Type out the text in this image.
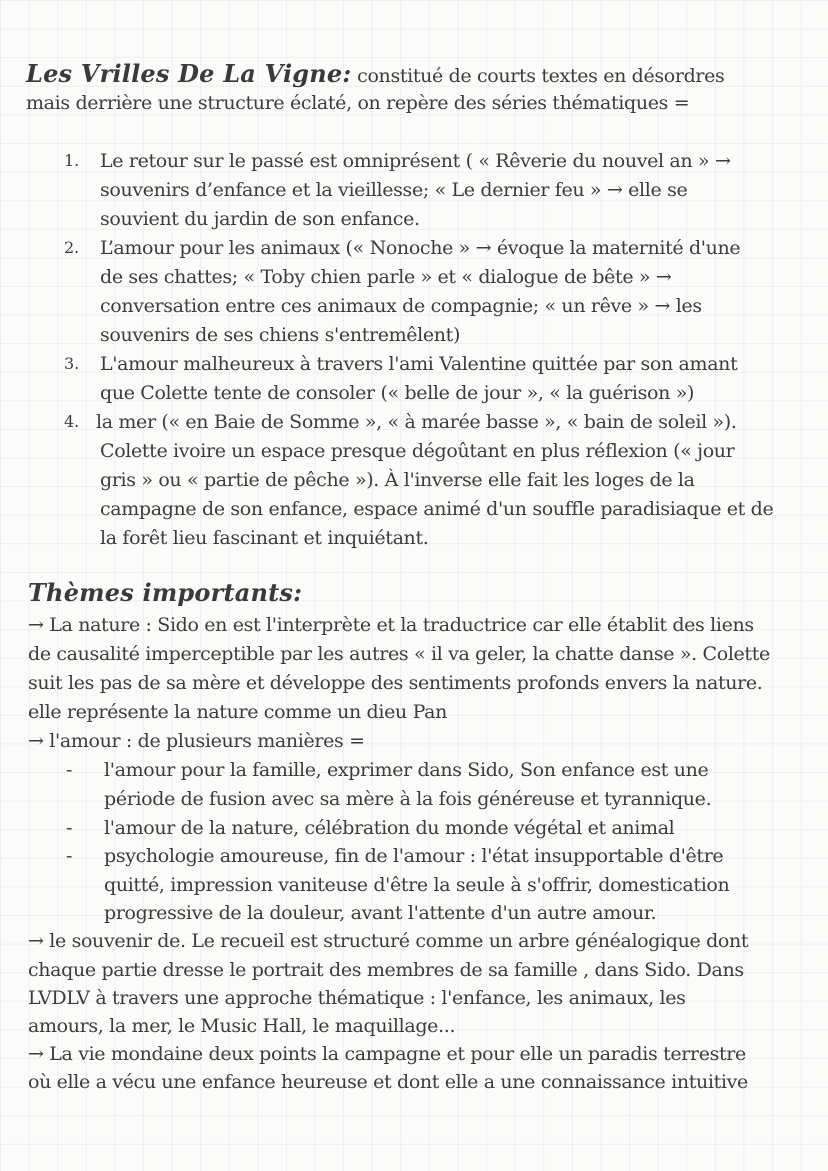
Les Vrilles De La Vigne: constitué de courts textes en désordres
mais derrière une structure éclaté, on repère des séries thématiques =
1. Le retour sur le passé est omniprésent ( « Rêverie du nouvel an » →
souvenirs d’enfance et la vieillesse; « Le dernier feu » → elle se
souvient du jardin de son enfance.
2. L’amour pour les animaux (« Nonoche » → évoque la maternité d'une
de ses chattes; « Toby chien parle » et « dialogue de bête » →
conversation entre ces animaux de compagnie; « un rêve » → les
souvenirs de ses chiens s'entremêlent)
3. L'amour malheureux à travers l'ami Valentine quittée par son amant
que Colette tente de consoler (« belle de jour », « la guérison »)
4. la mer (« en Baie de Somme », « à marée basse », « bain de soleil »).
Colette ivoire un espace presque dégoûtant en plus réflexion (« jour
gris » ou « partie de pêche »). À l'inverse elle fait les loges de la
campagne de son enfance, espace animé d'un souffle paradisiaque et de
la forêt lieu fascinant et inquiétant.
Thèmes importants:
→ La nature : Sido en est l'interprète et la traductrice car elle établit des liens
de causalité imperceptible par les autres « il va geler, la chatte danse ». Colette
suit les pas de sa mère et développe des sentiments profonds envers la nature.
elle représente la nature comme un dieu Pan
→ l'amour : de plusieurs manières =
- l'amour pour la famille, exprimer dans Sido, Son enfance est une
période de fusion avec sa mère à la fois généreuse et tyrannique.
- l'amour de la nature, célébration du monde végétal et animal
- psychologie amoureuse, fin de l'amour : l'état insupportable d'être
quitté, impression vaniteuse d'être la seule à s'offrir, domestication
progressive de la douleur, avant l'attente d'un autre amour.
→ le souvenir de. Le recueil est structuré comme un arbre généalogique dont
chaque partie dresse le portrait des membres de sa famille , dans Sido. Dans
LVDLV à travers une approche thématique : l'enfance, les animaux, les
amours, la mer, le Music Hall, le maquillage...
→ La vie mondaine deux points la campagne et pour elle un paradis terrestre
où elle a vécu une enfance heureuse et dont elle a une connaissance intuitive
